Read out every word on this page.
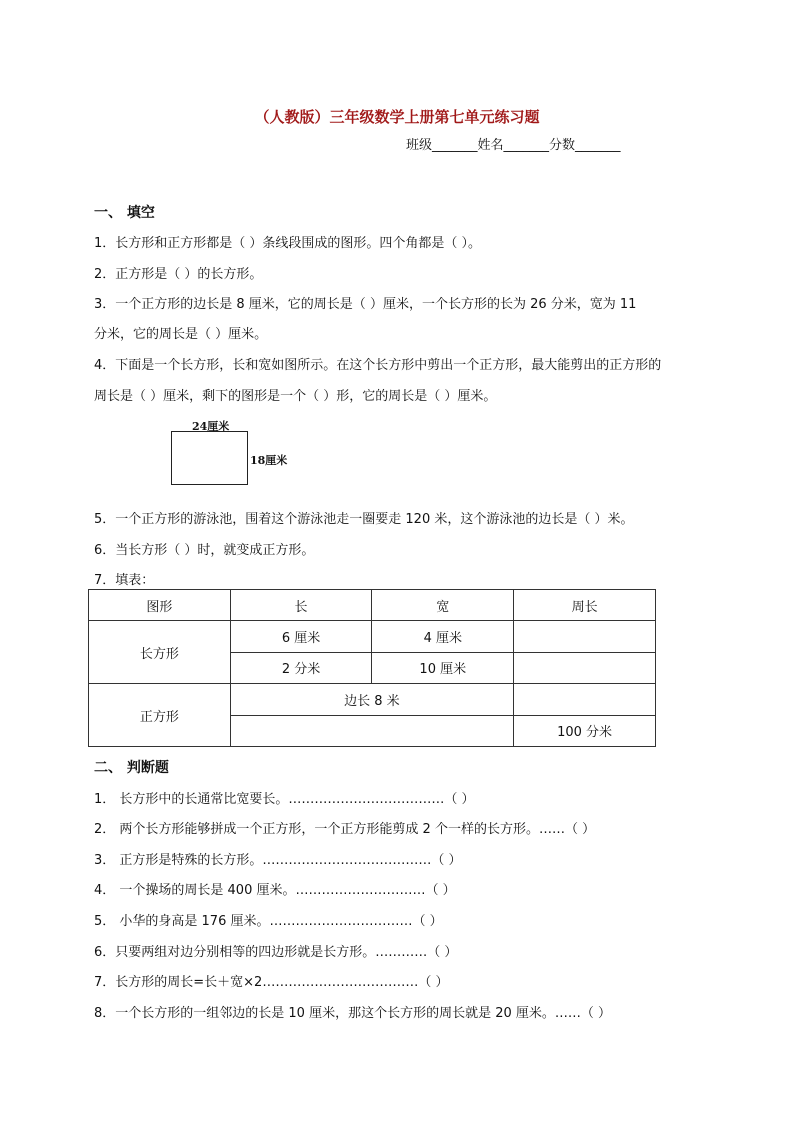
（人教版）三年级数学上册第七单元练习题
班级_______姓名_______分数_______
一、 填空
1．长方形和正方形都是（ ）条线段围成的图形。四个角都是（ ）。
2．正方形是（ ）的长方形。
3．一个正方形的边长是 8 厘米，它的周长是（ ）厘米，一个长方形的长为 26 分米，宽为 11
分米，它的周长是（ ）厘米。
4．下面是一个长方形，长和宽如图所示。在这个长方形中剪出一个正方形，最大能剪出的正方形的
周长是（ ）厘米，剩下的图形是一个（ ）形，它的周长是（ ）厘米。
24厘米
18厘米
5．一个正方形的游泳池，围着这个游泳池走一圈要走 120 米，这个游泳池的边长是（ ）米。
6．当长方形（ ）时，就变成正方形。
7．填表：
图形	长	宽	周长
长方形	6 厘米	4 厘米	
	2 分米	10 厘米	
正方形	边长 8 米		
			100 分米
二、 判断题
1． 长方形中的长通常比宽要长。………………………………（ ）
2． 两个长方形能够拼成一个正方形，一个正方形能剪成 2 个一样的长方形。……（ ）
3． 正方形是特殊的长方形。…………………………………（ ）
4． 一个操场的周长是 400 厘米。…………………………（ ）
5． 小华的身高是 176 厘米。……………………………（ ）
6．只要两组对边分别相等的四边形就是长方形。…………（ ）
7．长方形的周长=长＋宽×2………………………………（ ）
8．一个长方形的一组邻边的长是 10 厘米，那这个长方形的周长就是 20 厘米。……（ ）
